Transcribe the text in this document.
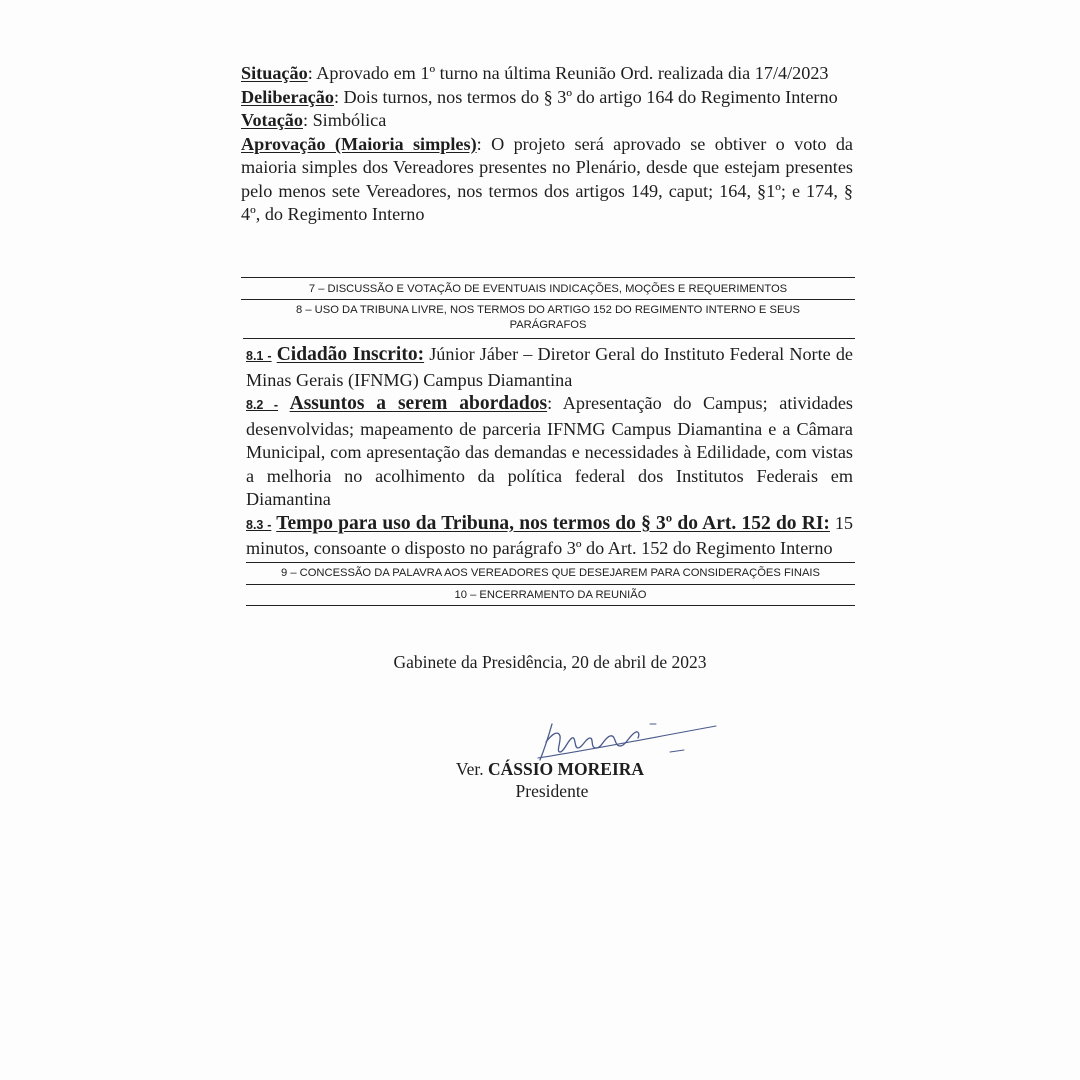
Situação: Aprovado em 1º turno na última Reunião Ord. realizada dia 17/4/2023

Deliberação: Dois turnos, nos termos do § 3º do artigo 164 do Regimento Interno

Votação: Simbólica

Aprovação (Maioria simples): O projeto será aprovado se obtiver o voto da maioria simples dos Vereadores presentes no Plenário, desde que estejam presentes pelo menos sete Vereadores, nos termos dos artigos 149, caput; 164, §1º; e 174, § 4º, do Regimento Interno

7 – DISCUSSÃO E VOTAÇÃO DE EVENTUAIS INDICAÇÕES, MOÇÕES E REQUERIMENTOS
8 – USO DA TRIBUNA LIVRE, NOS TERMOS DO ARTIGO 152 DO REGIMENTO INTERNO E SEUS
PARÁGRAFOS

8.1 - Cidadão Inscrito: Júnior Jáber – Diretor Geral do Instituto Federal Norte de Minas Gerais (IFNMG) Campus Diamantina

8.2 - Assuntos a serem abordados: Apresentação do Campus; atividades desenvolvidas; mapeamento de parceria IFNMG Campus Diamantina e a Câmara Municipal, com apresentação das demandas e necessidades à Edilidade, com vistas a melhoria no acolhimento da política federal dos Institutos Federais em Diamantina

8.3 - Tempo para uso da Tribuna, nos termos do § 3º do Art. 152 do RI: 15 minutos, consoante o disposto no parágrafo 3º do Art. 152 do Regimento Interno

9 – CONCESSÃO DA PALAVRA AOS VEREADORES QUE DESEJAREM PARA CONSIDERAÇÕES FINAIS
10 – ENCERRAMENTO DA REUNIÃO
Gabinete da Presidência, 20 de abril de 2023
Ver. CÁSSIO MOREIRA
Presidente
